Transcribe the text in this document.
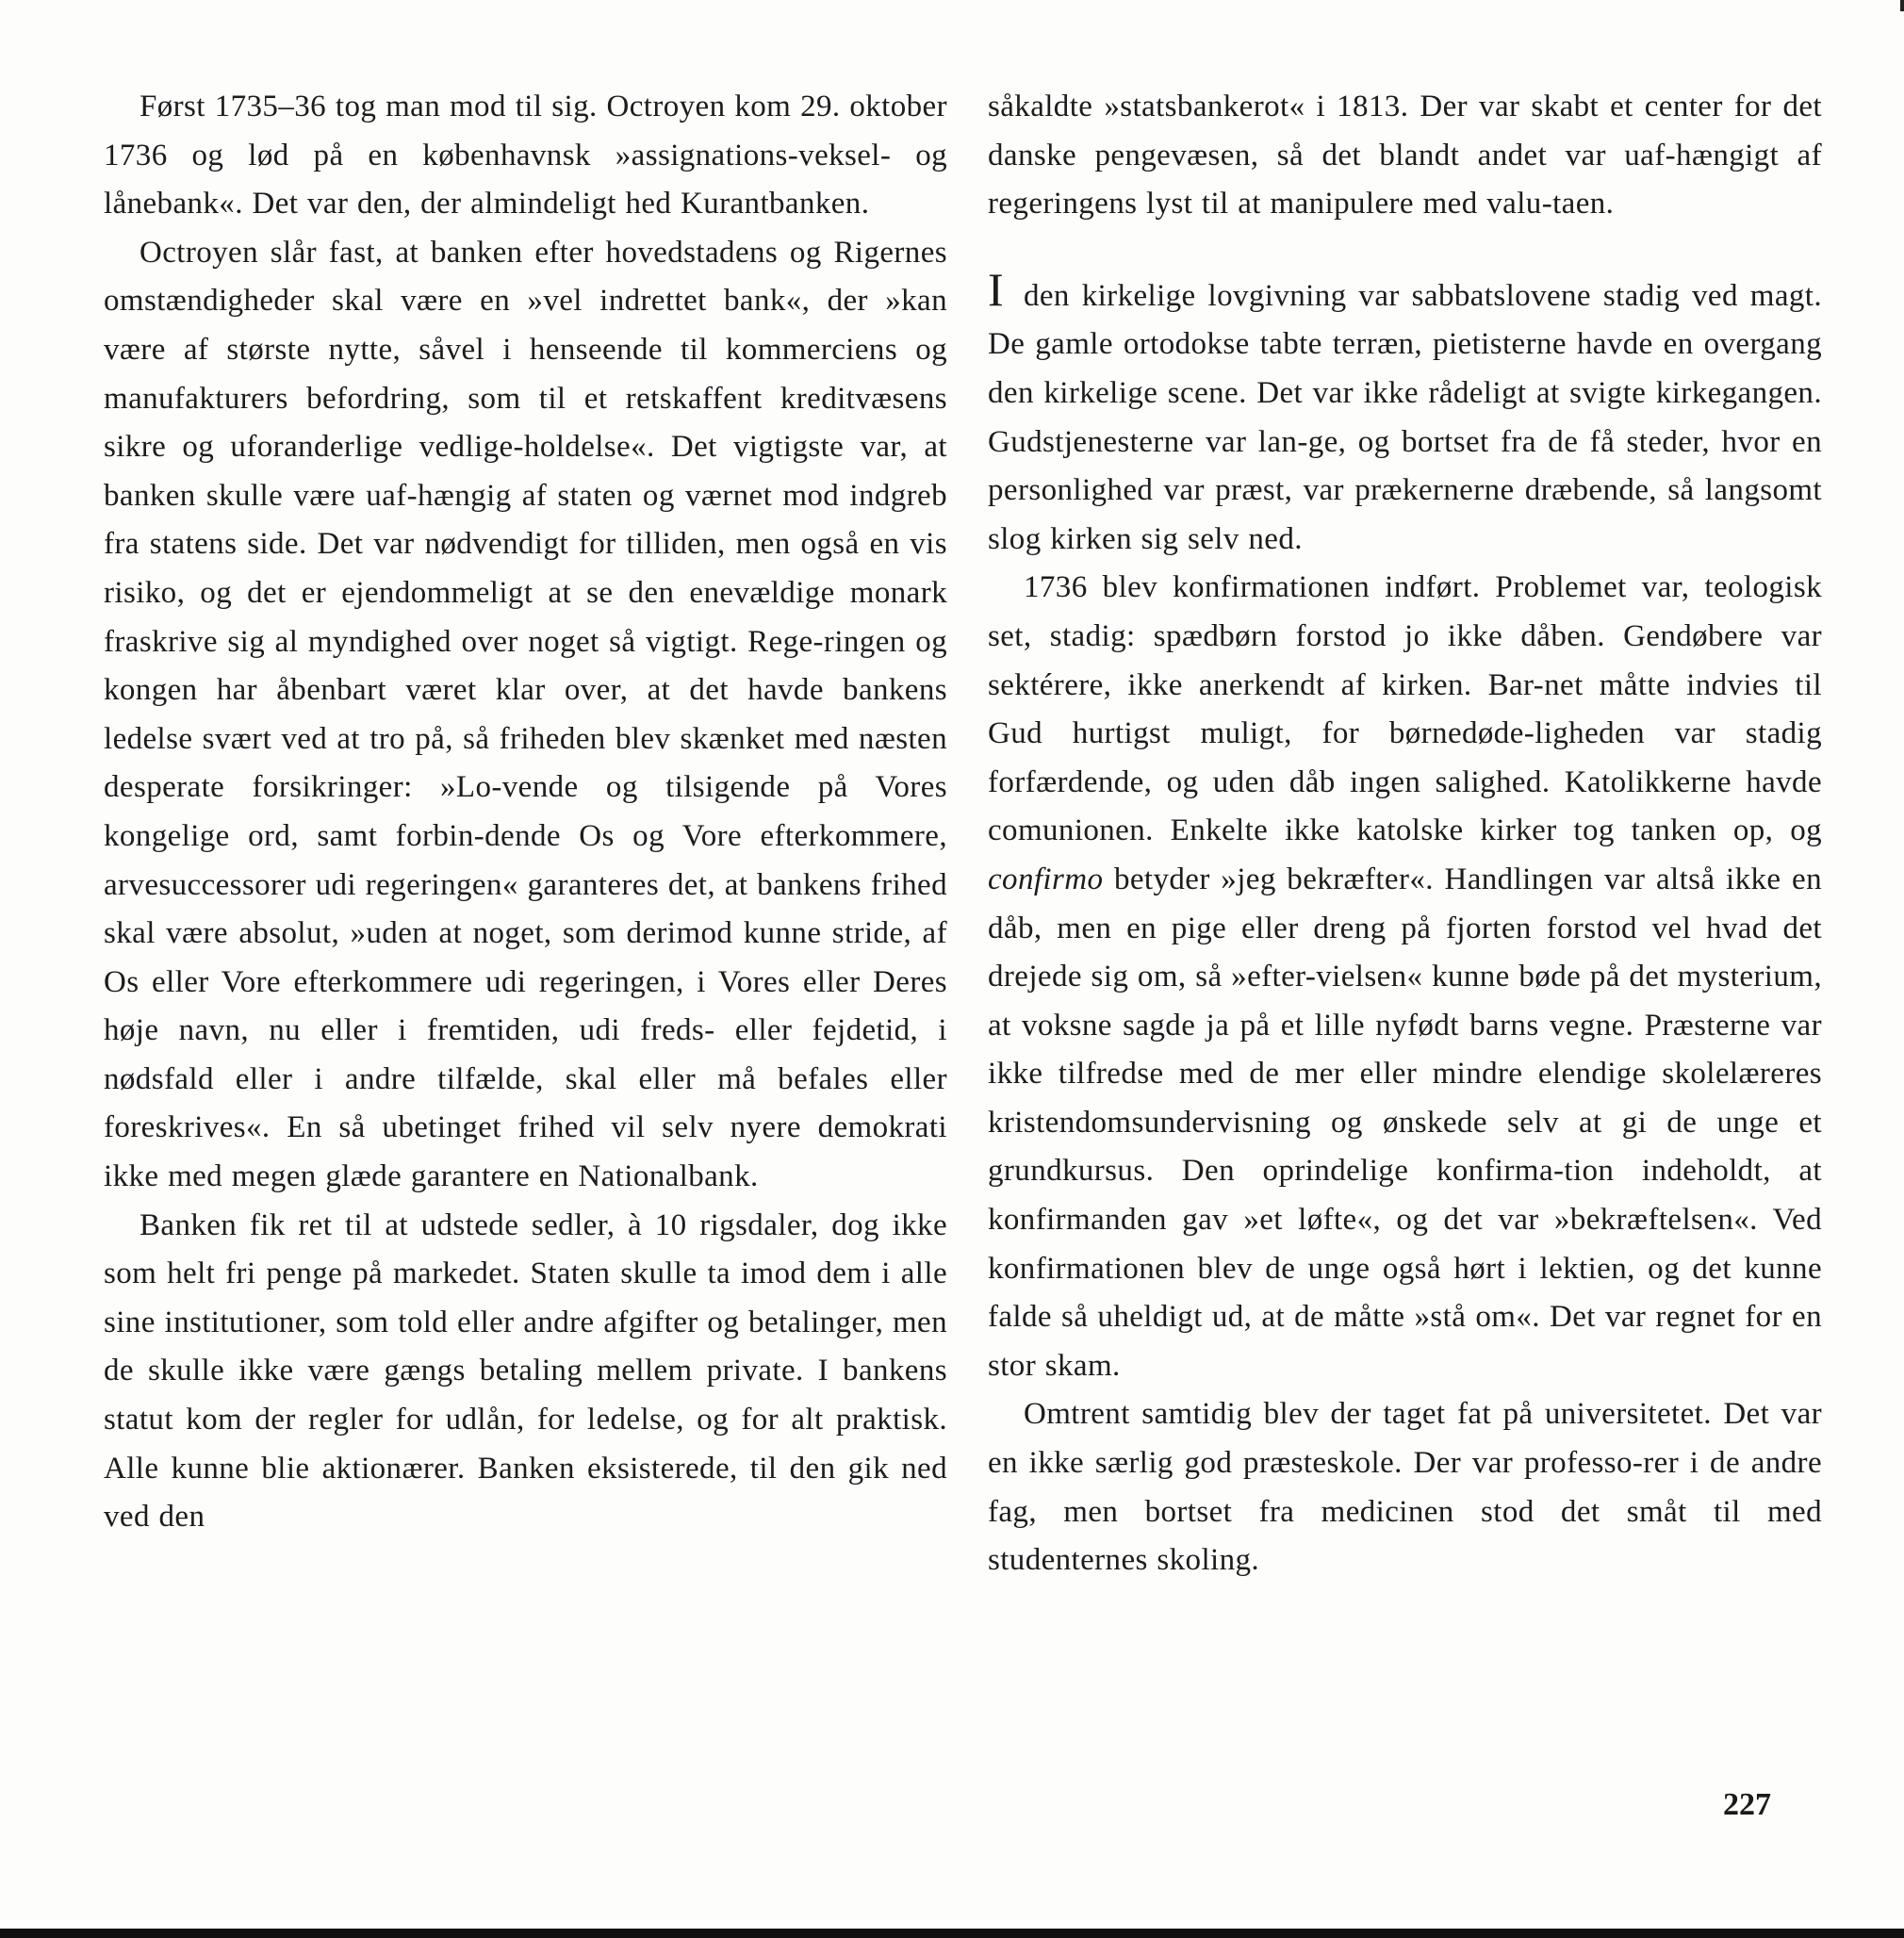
Først 1735–36 tog man mod til sig. Octroyen kom 29. oktober 1736 og lød på en københavnsk »assignations-veksel- og lånebank«. Det var den, der almindeligt hed Kurantbanken.

Octroyen slår fast, at banken efter hovedstadens og Rigernes omstændigheder skal være en »vel indrettet bank«, der »kan være af største nytte, såvel i henseende til kommerciens og manufakturers befordring, som til et retskaffent kreditvæsens sikre og uforanderlige vedlige-holdelse«. Det vigtigste var, at banken skulle være uaf-hængig af staten og værnet mod indgreb fra statens side. Det var nødvendigt for tilliden, men også en vis risiko, og det er ejendommeligt at se den enevældige monark fraskrive sig al myndighed over noget så vigtigt. Rege-ringen og kongen har åbenbart været klar over, at det havde bankens ledelse svært ved at tro på, så friheden blev skænket med næsten desperate forsikringer: »Lo-vende og tilsigende på Vores kongelige ord, samt forbin-dende Os og Vore efterkommere, arvesuccessorer udi regeringen« garanteres det, at bankens frihed skal være absolut, »uden at noget, som derimod kunne stride, af Os eller Vore efterkommere udi regeringen, i Vores eller Deres høje navn, nu eller i fremtiden, udi freds- eller fejdetid, i nødsfald eller i andre tilfælde, skal eller må befales eller foreskrives«. En så ubetinget frihed vil selv nyere demokrati ikke med megen glæde garantere en Nationalbank.

Banken fik ret til at udstede sedler, à 10 rigsdaler, dog ikke som helt fri penge på markedet. Staten skulle ta imod dem i alle sine institutioner, som told eller andre afgifter og betalinger, men de skulle ikke være gængs betaling mellem private. I bankens statut kom der regler for udlån, for ledelse, og for alt praktisk. Alle kunne blie aktionærer. Banken eksisterede, til den gik ned ved den

såkaldte »statsbankerot« i 1813. Der var skabt et center for det danske pengevæsen, så det blandt andet var uaf-hængigt af regeringens lyst til at manipulere med valu-taen.

I den kirkelige lovgivning var sabbatslovene stadig ved magt. De gamle ortodokse tabte terræn, pietisterne havde en overgang den kirkelige scene. Det var ikke rådeligt at svigte kirkegangen. Gudstjenesterne var lan-ge, og bortset fra de få steder, hvor en personlighed var præst, var prækernerne dræbende, så langsomt slog kirken sig selv ned.

1736 blev konfirmationen indført. Problemet var, teologisk set, stadig: spædbørn forstod jo ikke dåben. Gendøbere var sektérere, ikke anerkendt af kirken. Bar-net måtte indvies til Gud hurtigst muligt, for børnedøde-ligheden var stadig forfærdende, og uden dåb ingen salighed. Katolikkerne havde comunionen. Enkelte ikke katolske kirker tog tanken op, og confirmo betyder »jeg bekræfter«. Handlingen var altså ikke en dåb, men en pige eller dreng på fjorten forstod vel hvad det drejede sig om, så »efter-vielsen« kunne bøde på det mysterium, at voksne sagde ja på et lille nyfødt barns vegne. Præsterne var ikke tilfredse med de mer eller mindre elendige skolelæreres kristendomsundervisning og ønskede selv at gi de unge et grundkursus. Den oprindelige konfirma-tion indeholdt, at konfirmanden gav »et løfte«, og det var »bekræftelsen«. Ved konfirmationen blev de unge også hørt i lektien, og det kunne falde så uheldigt ud, at de måtte »stå om«. Det var regnet for en stor skam.

Omtrent samtidig blev der taget fat på universitetet. Det var en ikke særlig god præsteskole. Der var professo-rer i de andre fag, men bortset fra medicinen stod det småt til med studenternes skoling.

227
